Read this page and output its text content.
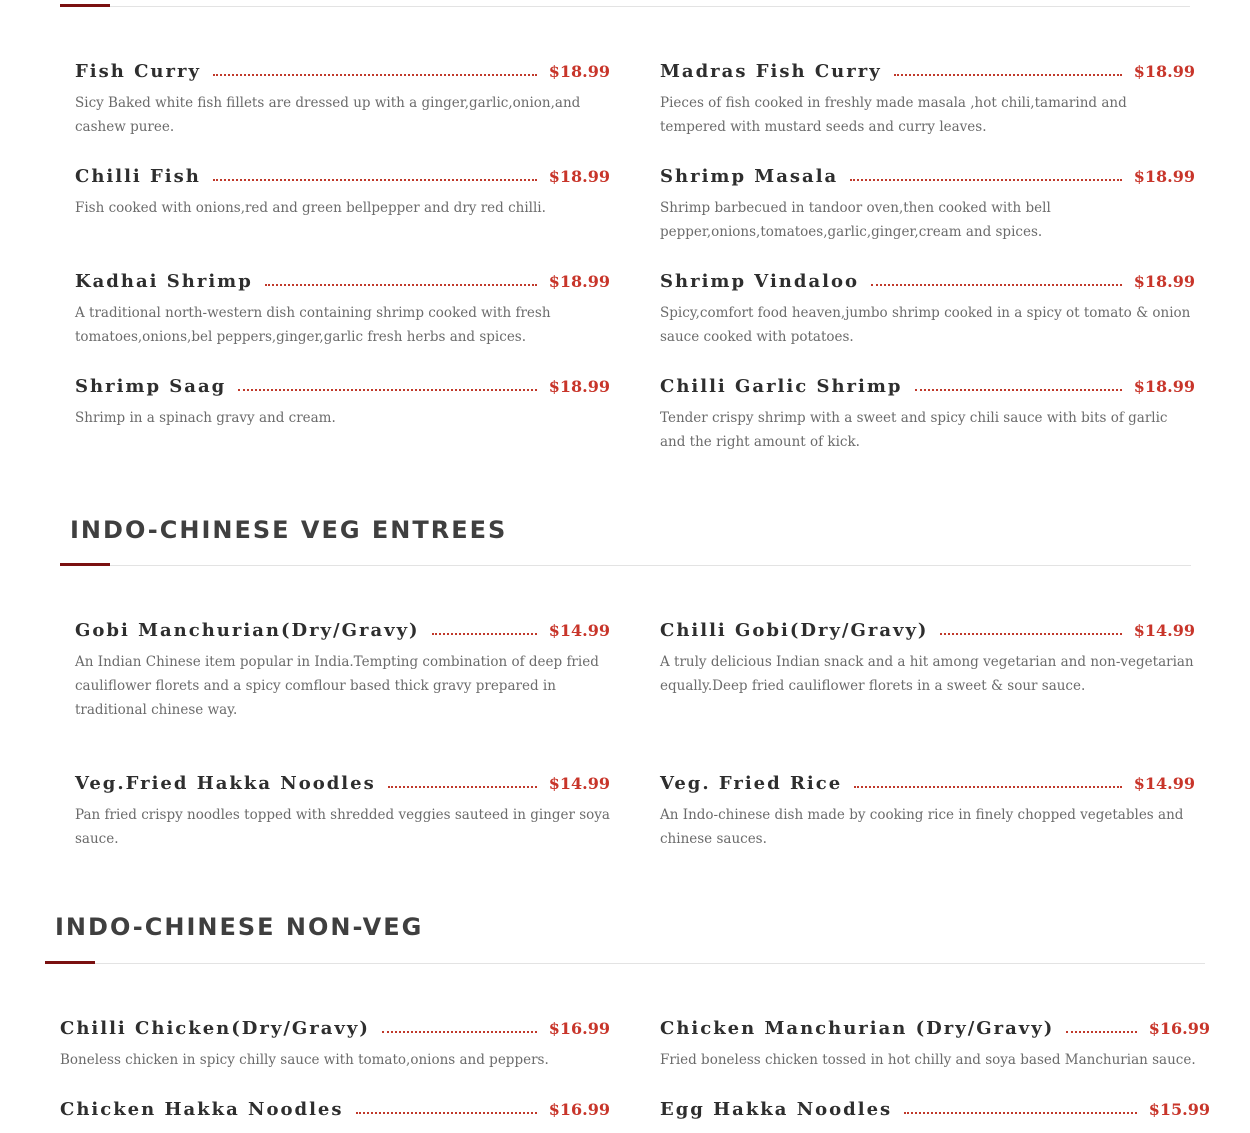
Fish Curry	$18.99

Sicy Baked white fish fillets are dressed up with a ginger,garlic,onion,and cashew puree.

Madras Fish Curry	$18.99

Pieces of fish cooked in freshly made masala ,hot chili,tamarind and tempered with mustard seeds and curry leaves.

Chilli Fish	$18.99

Fish cooked with onions,red and green bellpepper and dry red chilli.

Shrimp Masala	$18.99

Shrimp barbecued in tandoor oven,then cooked with bell pepper,onions,tomatoes,garlic,ginger,cream and spices.

Kadhai Shrimp	$18.99

A traditional north-western dish containing shrimp cooked with fresh tomatoes,onions,bel peppers,ginger,garlic fresh herbs and spices.

Shrimp Vindaloo	$18.99

Spicy,comfort food heaven,jumbo shrimp cooked in a spicy ot tomato & onion sauce cooked with potatoes.

Shrimp Saag	$18.99

Shrimp in a spinach gravy and cream.

Chilli Garlic Shrimp	$18.99

Tender crispy shrimp with a sweet and spicy chili sauce with bits of garlic and the right amount of kick.

INDO-CHINESE VEG ENTREES
Gobi Manchurian(Dry/Gravy)	$14.99

An Indian Chinese item popular in India.Tempting combination of deep fried cauliflower florets and a spicy comflour based thick gravy prepared in traditional chinese way.

Chilli Gobi(Dry/Gravy)	$14.99

A truly delicious Indian snack and a hit among vegetarian and non-vegetarian equally.Deep fried cauliflower florets in a sweet & sour sauce.

Veg.Fried Hakka Noodles	$14.99

Pan fried crispy noodles topped with shredded veggies sauteed in ginger soya sauce.

Veg. Fried Rice	$14.99

An Indo-chinese dish made by cooking rice in finely chopped vegetables and chinese sauces.

INDO-CHINESE NON-VEG
Chilli Chicken(Dry/Gravy)	$16.99

Boneless chicken in spicy chilly sauce with tomato,onions and peppers.

Chicken Manchurian (Dry/Gravy)	$16.99

Fried boneless chicken tossed in hot chilly and soya based Manchurian sauce.

Chicken Hakka Noodles	$16.99	Egg Hakka Noodles	$15.99
